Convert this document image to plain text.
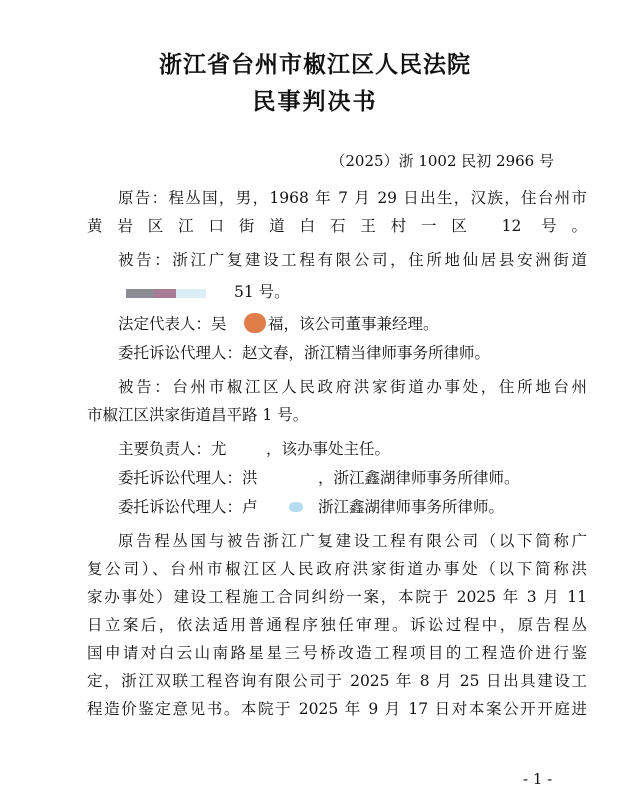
浙江省台州市椒江区人民法院
民事判决书
（2025）浙 1002 民初 2966 号
原告：程丛国，男，1968 年 7 月 29 日出生，汉族，住台州市
黄岩区江口街道白石王村一区 12 号。
被告：浙江广复建设工程有限公司，住所地仙居县安洲街道
51 号。
法定代表人：吴	福，该公司董事兼经理。
委托诉讼代理人：赵文春，浙江精当律师事务所律师。
被告：台州市椒江区人民政府洪家街道办事处，住所地台州
市椒江区洪家街道昌平路 1 号。
主要负责人：尤	，该办事处主任。
委托诉讼代理人：洪	，浙江鑫湖律师事务所律师。
委托诉讼代理人：卢	浙江鑫湖律师事务所律师。
原告程丛国与被告浙江广复建设工程有限公司（以下简称广
复公司）、台州市椒江区人民政府洪家街道办事处（以下简称洪
家办事处）建设工程施工合同纠纷一案，本院于 2025 年 3 月 11
日立案后，依法适用普通程序独任审理。诉讼过程中，原告程丛
国申请对白云山南路星星三号桥改造工程项目的工程造价进行鉴
定，浙江双联工程咨询有限公司于 2025 年 8 月 25 日出具建设工
程造价鉴定意见书。本院于 2025 年 9 月 17 日对本案公开开庭进
- 1 -
